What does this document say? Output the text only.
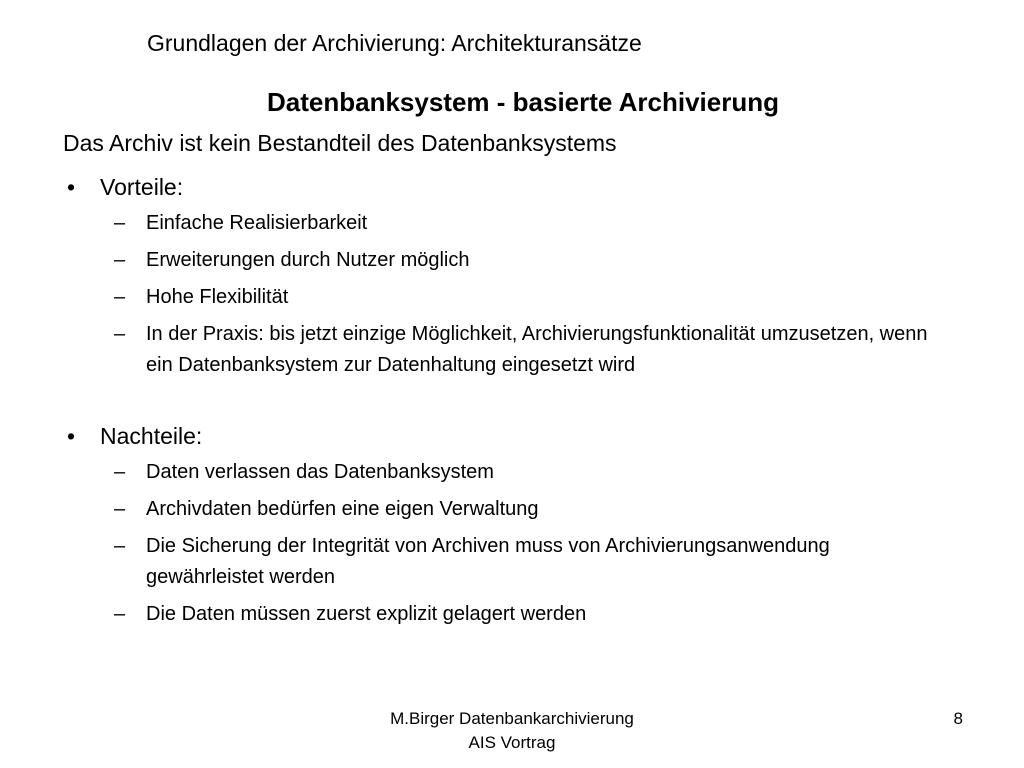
Grundlagen der Archivierung: Architekturansätze
Datenbanksystem - basierte Archivierung
Das Archiv ist kein Bestandteil des Datenbanksystems
• Vorteile:
– Einfache Realisierbarkeit
– Erweiterungen durch Nutzer möglich
– Hohe Flexibilität
– In der Praxis: bis jetzt einzige Möglichkeit, Archivierungsfunktionalität umzusetzen, wenn ein Datenbanksystem zur Datenhaltung eingesetzt wird
• Nachteile:
– Daten verlassen das Datenbanksystem
– Archivdaten bedürfen eine eigen Verwaltung
– Die Sicherung der Integrität von Archiven muss von Archivierungsanwendung gewährleistet werden
– Die Daten müssen zuerst explizit gelagert werden
M.Birger Datenbankarchivierung
AIS Vortrag
8
